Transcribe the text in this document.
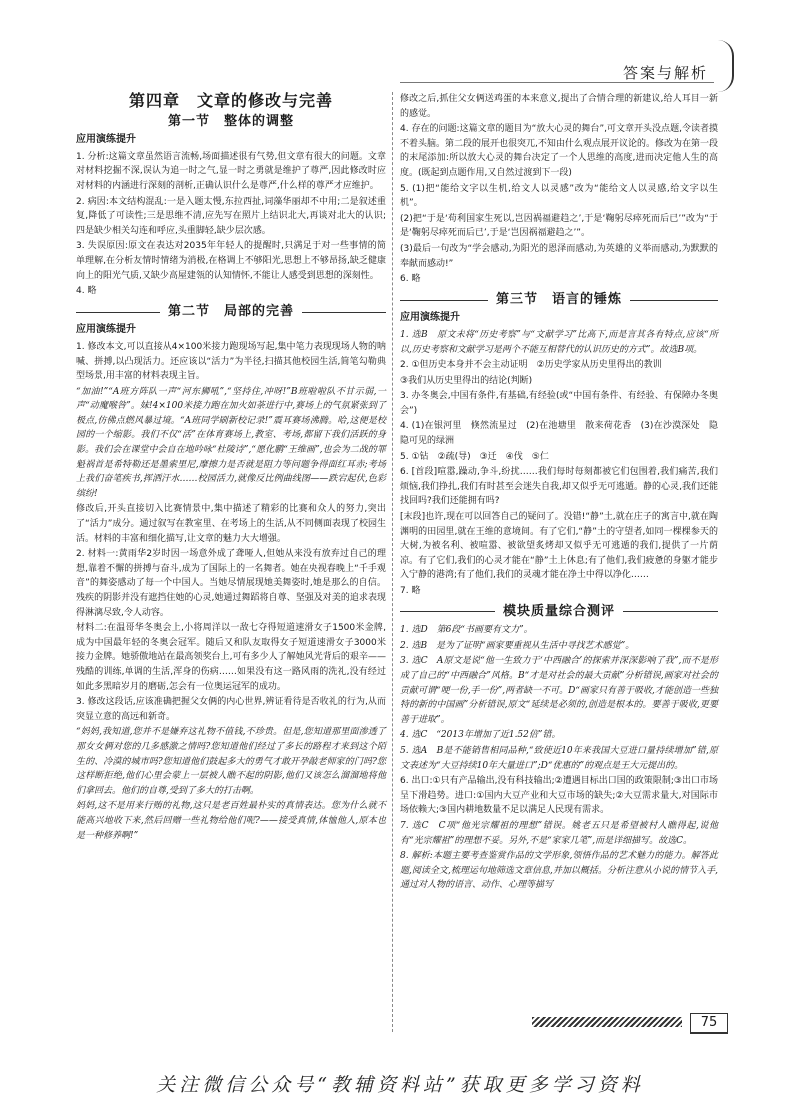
答案与解析
第四章　文章的修改与完善
第一节　整体的调整
应用演练提升

1. 分析:这篇文章虽然语言流畅,场面描述很有气势,但文章有很大的问题。文章对材料挖掘不深,误认为追一时之气,显一时之勇就是维护了尊严,因此修改时应对材料的内涵进行深刻的剖析,正确认识什么是尊严,什么样的尊严才应维护。

2. 病因:本文结构混乱:一是入题太慢,东拉西扯,词藻华丽却不中用;二是叙述重复,降低了可读性;三是思维不清,应先写在照片上结识北大,再谈对北大的认识;四是缺少相关勾连和呼应,头重脚轻,缺少层次感。

3. 失误原因:原文在表达对2035年年轻人的提醒时,只满足于对一些事情的简单理解,在分析友情时情绪为消极,在格调上不够阳光,思想上不够昂扬,缺乏健康向上的阳光气质,又缺少高屋建瓴的认知情怀,不能让人感受到思想的深刻性。

4. 略

第二节　局部的完善
应用演练提升

1. 修改本文,可以直接从4×100米接力跑现场写起,集中笔力表现现场人物的呐喊、拼搏,以凸现活力。还应该以“活力”为半径,扫描其他校园生活,简笔勾勒典型场景,用丰富的材料表现主旨。

“加油!”“A班方阵队一声“河东狮吼”,“坚持住,冲呀!”B班啦啦队不甘示弱,一声“动魔喉咎”。妹!4×100米接力跑在加火如荼进行中,赛场上的气氛紧张到了极点,仿佛点燃风暴过境。“A班同学刷新校记录!”震耳赛场沸腾。哈,这便是校园的一个缩影。我们不仅“活”在体育赛场上,教室、考场,都留下我们活跃的身影。我们会在课堂中会自在地吟咏“杜陵诗”,“愿化鹏“王维画”,也会为二战的罪魁祸首是希特勒还是墨索里尼,摩擦力是否就是阻力等问题争得面红耳赤;考场上我们奋笔疾书,挥洒汗水……校园活力,就像反比例曲线图——跌宕起伏,色彩缤纷!

修改后,开头直接切入比赛情景中,集中描述了精彩的比赛和众人的努力,突出了“活力”成分。通过叙写在教室里、在考场上的生活,从不同侧面表现了校园生活。材料的丰富和细化描写,让文章的魅力大大增强。

2. 材料一:黄雨华2岁时因一场意外成了聋哑人,但她从来没有放弃过自己的理想,靠着不懈的拼搏与奋斗,成为了国际上的一名舞者。她在央视春晚上“千手观音”的舞姿感动了每一个中国人。当她尽情展现她美舞姿时,她是那么的自信。残疾的阴影并没有遮挡住她的心灵,她通过舞蹈将自尊、坚强及对美的追求表现得淋漓尽致,令人动容。

材料二:在温哥华冬奥会上,小将周洋以一敌七夺得短道速滑女子1500米金牌,成为中国最年轻的冬奥会冠军。随后又和队友取得女子短道速滑女子3000米接力金牌。她骄傲地站在最高领奖台上,可有多少人了解她风光背后的艰辛——残酷的训练,单调的生活,浑身的伤病……如果没有这一路风雨的洗礼,没有经过如此多黑暗岁月的磨砺,怎会有一位奥运冠军的成功。

3. 修改这段话,应该准确把握父女俩的内心世界,辨证看待是否收礼的行为,从而突显立意的高远和新奇。

“妈妈,我知道,您并不是嫌弃这礼物不值钱,不珍贵。但是,您知道那里面渗透了那女女俩对您的几多感激之情吗?您知道他们经过了多长的路程才来到这个陌生的、冷漠的城市吗?您知道他们鼓起多大的勇气才敢开孕敲老师家的门吗?您这样断拒绝,他们心里会蒙上一层被人瞧不起的阴影,他们又该怎么溜溜地将他们拿回去。他们的自尊,受到了多大的打击啊。

妈妈,这不是用来行贿的礼物,这只是老百姓最朴实的真情表达。您为什么就不能高兴地收下来,然后回赠一些礼物给他们呢?——接受真情,体恤他人,原本也是一种修养啊!”

修改之后,抓住父女俩送鸡蛋的本来意义,提出了合情合理的新建议,给人耳目一新的感觉。

4. 存在的问题:这篇文章的题目为“放大心灵的舞台”,可文章开头没点题,令读者摸不着头脑。第二段的展开也很突兀,不知由什么观点展开议论的。修改为在第一段的末尾添加:所以放大心灵的舞台决定了一个人思维的高度,进而决定他人生的高度。(既起到点题作用,又自然过渡到下一段)

5. (1)把“能给文字以生机,给文人以灵感”改为“能给文人以灵感,给文字以生机”。

(2)把“于是‘苟利国家生死以,岂因祸福避趋之’,于是‘鞠躬尽瘁死而后已’”改为“于是‘鞠躬尽瘁死而后已’,于是‘岂因祸福避趋之’”。

(3)最后一句改为“学会感动,为阳光的恩泽而感动,为英雄的义举而感动,为默默的奉献而感动!”

6. 略

第三节　语言的锤炼
应用演练提升

1. 选B　原文未将“历史考察”与“文献学习”比高下,而是言其各有特点,应该“所以,历史考察和文献学习是两个不能互相替代的认识历史的方式”。故选B项。

2. ①但历史本身并不会主动证明　②历史学家从历史里得出的教训

③我们从历史里得出的结论(判断)

3. 办冬奥会,中国有条件,有基础,有经验(或“中国有条件、有经验、有保障办冬奥会”)

4. (1)在银河里　倏然流星过　(2)在池塘里　散来荷花香　(3)在沙漠深处　隐隐可见的绿洲

5. ①钻　②疏(导)　③迁　④伐　⑤仁

6. [首段]喧嚣,躁动,争斗,纷扰……我们每时每刻都被它们包围着,我们痛苦,我们烦恼,我们挣扎,我们有时甚至会迷失自我,却又似乎无可逃遁。静的心灵,我们还能找回吗?我们还能拥有吗?

[末段]也许,现在可以回答自己的疑问了。没错!“静”土,就在庄子的寓言中,就在陶渊明的田园里,就在王维的意境间。有了它们,“静”土的守望者,如同一棵棵参天的大树,为被名利、被喧嚣、被欲望炙烤却又似乎无可逃遁的我们,提供了一片荫凉。有了它们,我们的心灵才能在“静”土上休息;有了他们,我们疲惫的身躯才能步入宁静的港湾;有了他们,我们的灵魂才能在净土中得以净化……

7. 略

模块质量综合测评

1. 选D　第6段“书画要有文力”。

2. 选B　是为了证明“画家要重视从生活中寻找艺术感觉”。

3. 选C　A原文是说“他一生致力于‘中西融合’的探索并深深影响了我”,而不是形成了自己的“中西融合”风格。B“才是对社会的最大贡献”分析错误,画家对社会的贡献可谓“哽一份,手一份”,两者缺一不可。D“画家只有善于吸收,才能创造一些独特的新的中国画”分析错误,原文“延续是必须的,创造是根本的。要善于吸收,更要善于进取”。

4. 选C　“2013年增加了近1.52倍”错。

5. 选A　B是不能销售相同品种,“致使近10年来我国大豆进口量持续增加”错,原文表述为“大豆持续10年大量进口”;D“优惠的”的观点是王大元提出的。

6. 出口:①只有产品输出,没有科技输出;②遭遇目标出口国的政策限制;③出口市场呈下滑趋势。进口:①国内大豆产业和大豆市场的缺失;②大豆需求量大,对国际市场依赖大;③国内耕地数量不足以满足人民现有需求。

7. 选C　C项“他光宗耀祖的理想”错误。姚老五只是希望被村人瞧得起,说他有“光宗耀祖”的理想不妥。另外,不是“家家几笔”,而是详细描写。故选C。

8. 解析:本题主要考查鉴赏作品的文学形象,领悟作品的艺术魅力的能力。解答此题,阅读全文,梳理运句地筛选文章信息,并加以概括。分析注意从小说的情节入手,通过对人物的语言、动作、心理等描写

75
关注微信公众号“教辅资料站”获取更多学习资料
